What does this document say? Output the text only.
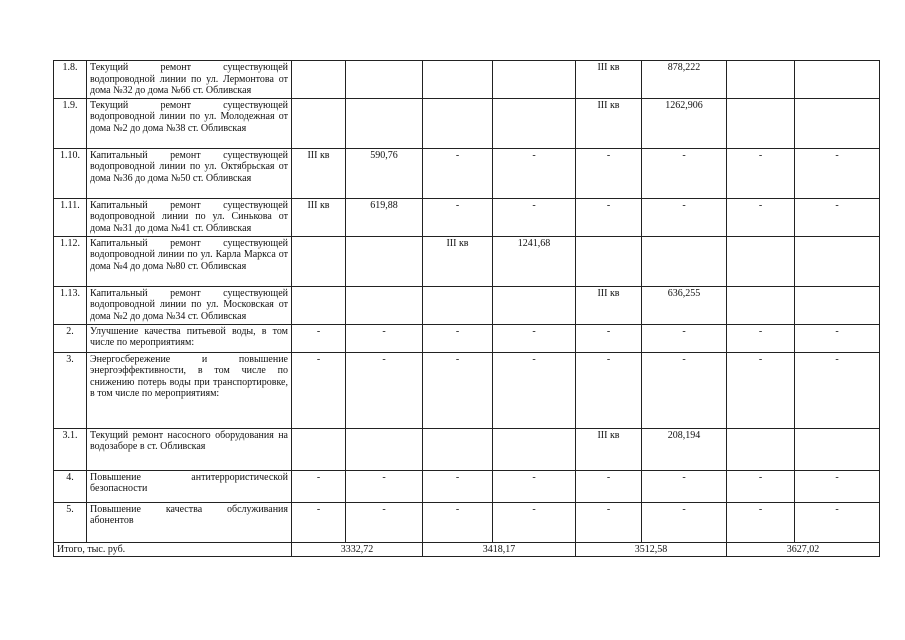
1.8.	Текущий ремонт существующей водопроводной линии по ул. Лермонтова от дома №32 до дома №66 ст. Обливская					III кв	878,222		
1.9.	Текущий ремонт существующей водопроводной линии по ул. Молодежная от дома №2 до дома №38 ст. Обливская					III кв	1262,906		
1.10.	Капитальный ремонт существующей водопроводной линии по ул. Октябрьская от дома №36 до дома №50 ст. Обливская	III кв	590,76	-	-	-	-	-	-
1.11.	Капитальный ремонт существующей водопроводной линии по ул. Синькова от дома №31 до дома №41 ст. Обливская	III кв	619,88	-	-	-	-	-	-
1.12.	Капитальный ремонт существующей водопроводной линии по ул. Карла Маркса от дома №4 до дома №80 ст. Обливская			III кв	1241,68				
1.13.	Капитальный ремонт существующей водопроводной линии по ул. Московская от дома №2 до дома №34 ст. Обливская					III кв	636,255		
2.	Улучшение качества питьевой воды, в том числе по мероприятиям:	-	-	-	-	-	-	-	-
3.	Энергосбережение и повышение энергоэффективности, в том числе по снижению потерь воды при транспортировке, в том числе по мероприятиям:	-	-	-	-	-	-	-	-
3.1.	Текущий ремонт насосного оборудования на водозаборе в ст. Обливская					III кв	208,194		
4.	Повышение антитеррористической безопасности	-	-	-	-	-	-	-	-
5.	Повышение качества обслуживания абонентов	-	-	-	-	-	-	-	-
Итого, тыс. руб.		3332,72		3418,17		3512,58		3627,02	
